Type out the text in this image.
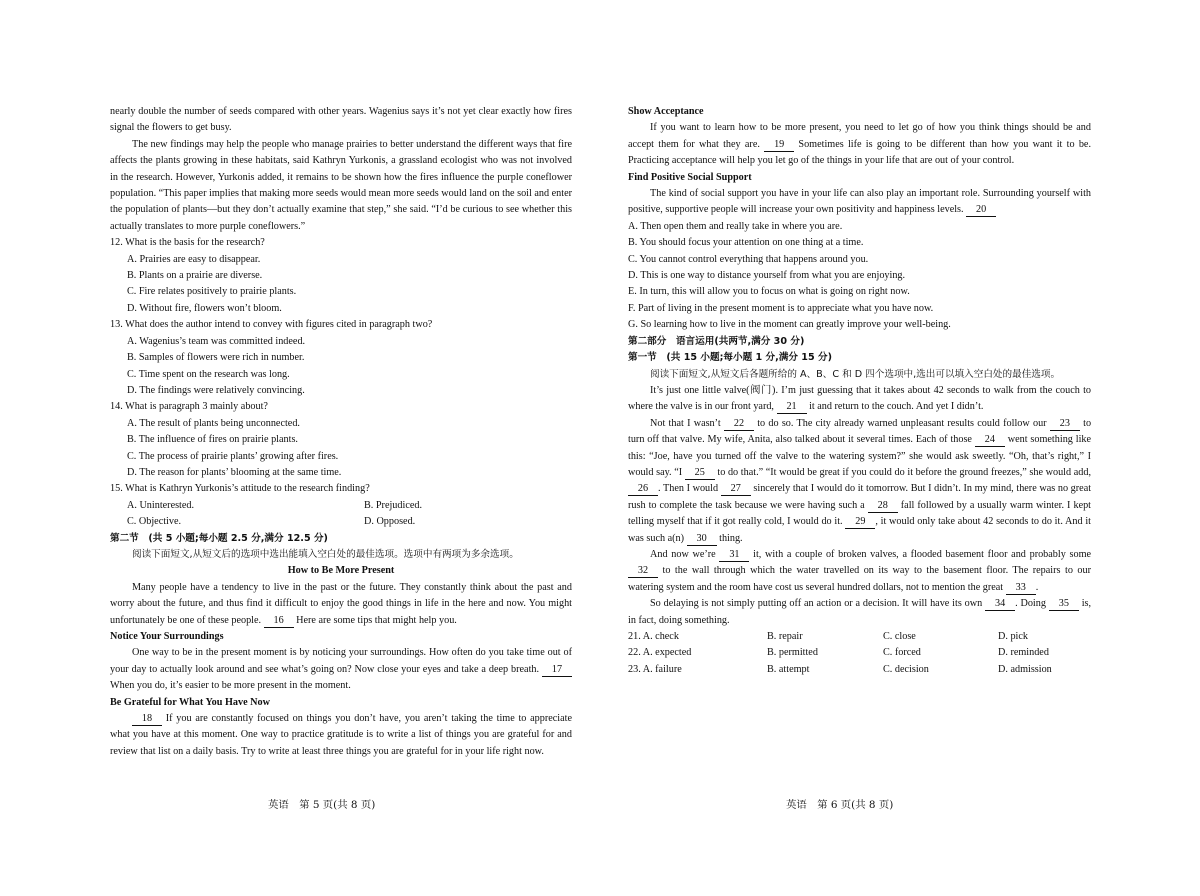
nearly double the number of seeds compared with other years. Wagenius says it’s not yet clear exactly how fires signal the flowers to get busy.

The new findings may help the people who manage prairies to better understand the different ways that fire affects the plants growing in these habitats, said Kathryn Yurkonis, a grassland ecologist who was not involved in the research. However, Yurkonis added, it remains to be shown how the fires influence the purple coneflower population. “This paper implies that making more seeds would mean more seeds would land on the soil and enter the population of plants—but they don’t actually examine that step,” she said. “I’d be curious to see whether this actually translates to more purple coneflowers.”

12. What is the basis for the research?

A. Prairies are easy to disappear.

B. Plants on a prairie are diverse.

C. Fire relates positively to prairie plants.

D. Without fire, flowers won’t bloom.

13. What does the author intend to convey with figures cited in paragraph two?

A. Wagenius’s team was committed indeed.

B. Samples of flowers were rich in number.

C. Time spent on the research was long.

D. The findings were relatively convincing.

14. What is paragraph 3 mainly about?

A. The result of plants being unconnected.

B. The influence of fires on prairie plants.

C. The process of prairie plants’ growing after fires.

D. The reason for plants’ blooming at the same time.

15. What is Kathryn Yurkonis’s attitude to the research finding?

A. Uninterested.	B. Prejudiced.
C. Objective.	D. Opposed.

第二节　(共 5 小题;每小题 2.5 分,满分 12.5 分)

阅读下面短文,从短文后的选项中选出能填入空白处的最佳选项。选项中有两项为多余选项。

How to Be More Present

Many people have a tendency to live in the past or the future. They constantly think about the past and worry about the future, and thus find it difficult to enjoy the good things in life in the here and now. You might unfortunately be one of these people. 16 Here are some tips that might help you.

Notice Your Surroundings

One way to be in the present moment is by noticing your surroundings. How often do you take time out of your day to actually look around and see what’s going on? Now close your eyes and take a deep breath. 17 When you do, it’s easier to be more present in the moment.

Be Grateful for What You Have Now

18 If you are constantly focused on things you don’t have, you aren’t taking the time to appreciate what you have at this moment. One way to practice gratitude is to write a list of things you are grateful for and review that list on a daily basis. Try to write at least three things you are grateful for in your life right now.

Show Acceptance

If you want to learn how to be more present, you need to let go of how you think things should be and accept them for what they are. 19 Sometimes life is going to be different than how you want it to be. Practicing acceptance will help you let go of the things in your life that are out of your control.

Find Positive Social Support

The kind of social support you have in your life can also play an important role. Surrounding yourself with positive, supportive people will increase your own positivity and happiness levels. 20

A. Then open them and really take in where you are.

B. You should focus your attention on one thing at a time.

C. You cannot control everything that happens around you.

D. This is one way to distance yourself from what you are enjoying.

E. In turn, this will allow you to focus on what is going on right now.

F. Part of living in the present moment is to appreciate what you have now.

G. So learning how to live in the moment can greatly improve your well-being.

第二部分　语言运用(共两节,满分 30 分)

第一节　(共 15 小题;每小题 1 分,满分 15 分)

阅读下面短文,从短文后各题所给的 A、B、C 和 D 四个选项中,选出可以填入空白处的最佳选项。

It’s just one little valve(阀门). I’m just guessing that it takes about 42 seconds to walk from the couch to where the valve is in our front yard, 21 it and return to the couch. And yet I didn’t.

Not that I wasn’t 22 to do so. The city already warned unpleasant results could follow our 23 to turn off that valve. My wife, Anita, also talked about it several times. Each of those 24 went something like this: “Joe, have you turned off the valve to the watering system?” she would ask sweetly. “Oh, that’s right,” I would say. “I 25 to do that.” “It would be great if you could do it before the ground freezes,” she would add, 26 . Then I would 27 sincerely that I would do it tomorrow. But I didn’t. In my mind, there was no great rush to complete the task because we were having such a 28 fall followed by a usually warm winter. I kept telling myself that if it got really cold, I would do it. 29 , it would only take about 42 seconds to do it. And it was such a(n) 30 thing.

And now we’re 31 it, with a couple of broken valves, a flooded basement floor and probably some 32 to the wall through which the water travelled on its way to the basement floor. The repairs to our watering system and the room have cost us several hundred dollars, not to mention the great 33 .

So delaying is not simply putting off an action or a decision. It will have its own 34 . Doing 35 is, in fact, doing something.

21. A. check	B. repair	C. close	D. pick
22. A. expected	B. permitted	C. forced	D. reminded
23. A. failure	B. attempt	C. decision	D. admission
英语　第 5 页(共 8 页)	英语　第 6 页(共 8 页)
